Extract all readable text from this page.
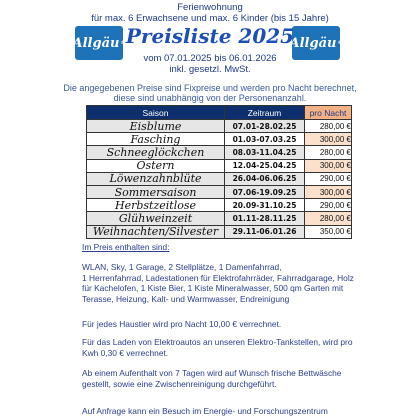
Ferienwohnung
für max. 6 Erwachsene und max. 6 Kinder (bis 15 Jahre)
Allgäu ®	Allgäu ®
Preisliste 2025
vom 07.01.2025 bis 06.01.2026
inkl. gesetzl. MwSt.
Die angegebenen Preise sind Fixpreise und werden pro Nacht berechnet,
diese sind unabhängig von der Personenanzahl.
Saison	Zeitraum	pro Nacht
Eisblume	07.01-28.02.25	280,00 €
Fasching	01.03-07.03.25	300,00 €
Schneeglöckchen	08.03-11.04.25	280,00 €
Ostern	12.04-25.04.25	300,00 €
Löwenzahnblüte	26.04-06.06.25	290,00 €
Sommersaison	07.06-19.09.25	300,00 €
Herbstzeitlose	20.09-31.10.25	290,00 €
Glühweinzeit	01.11-28.11.25	280,00 €
Weihnachten/Silvester	29.11-06.01.26	350,00 €
Im Preis enthalten sind:
WLAN, Sky, 1 Garage, 2 Stellplätze, 1 Damenfahrrad,
1 Herrenfahrrad, Ladestationen für Elektrofahrräder, Fahrradgarage, Holz
für Kachelofen, 1 Kiste Bier, 1 Kiste Mineralwasser, 500 qm Garten mit
Terasse, Heizung, Kalt- und Warmwasser, Endreinigung
Für jedes Haustier wird pro Nacht 10,00 € verrechnet.
Für das Laden von Elektroautos an unseren Elektro-Tankstellen, wird pro
Kwh 0,30 € verrechnet.
Ab einem Aufenthalt von 7 Tagen wird auf Wunsch frische Bettwäsche
gestellt, sowie eine Zwischenreinigung durchgeführt.
Auf Anfrage kann ein Besuch im Energie- und Forschungszentrum
